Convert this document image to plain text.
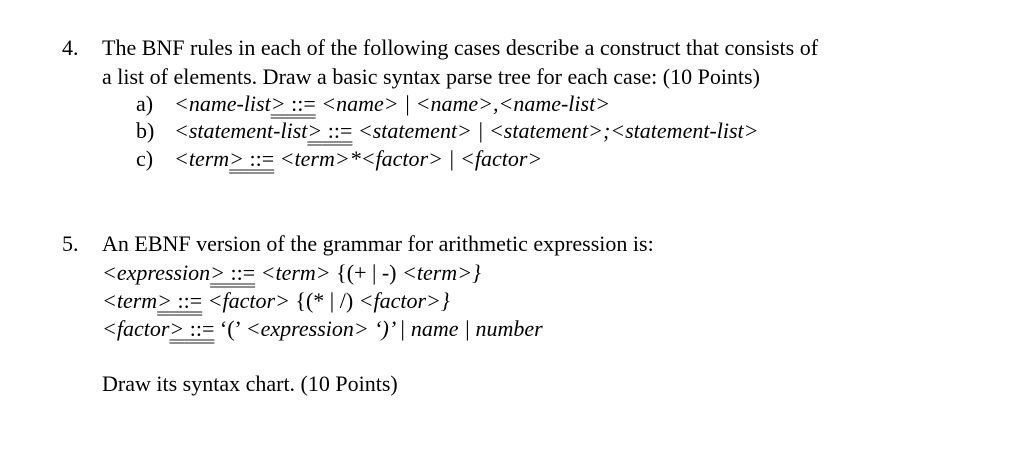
4. The BNF rules in each of the following cases describe a construct that consists of
a list of elements. Draw a basic syntax parse tree for each case: (10 Points)
a) <name-list> ::= <name> | <name>,<name-list>
b) <statement-list> ::= <statement> | <statement>;<statement-list>
c) <term> ::= <term>*<factor> | <factor>
5. An EBNF version of the grammar for arithmetic expression is:
<expression> ::= <term> {(+ | -) <term>}
<term> ::= <factor> {(* | /) <factor>}
<factor> ::= ‘(’ <expression> ‘)’ | name | number
Draw its syntax chart. (10 Points)
